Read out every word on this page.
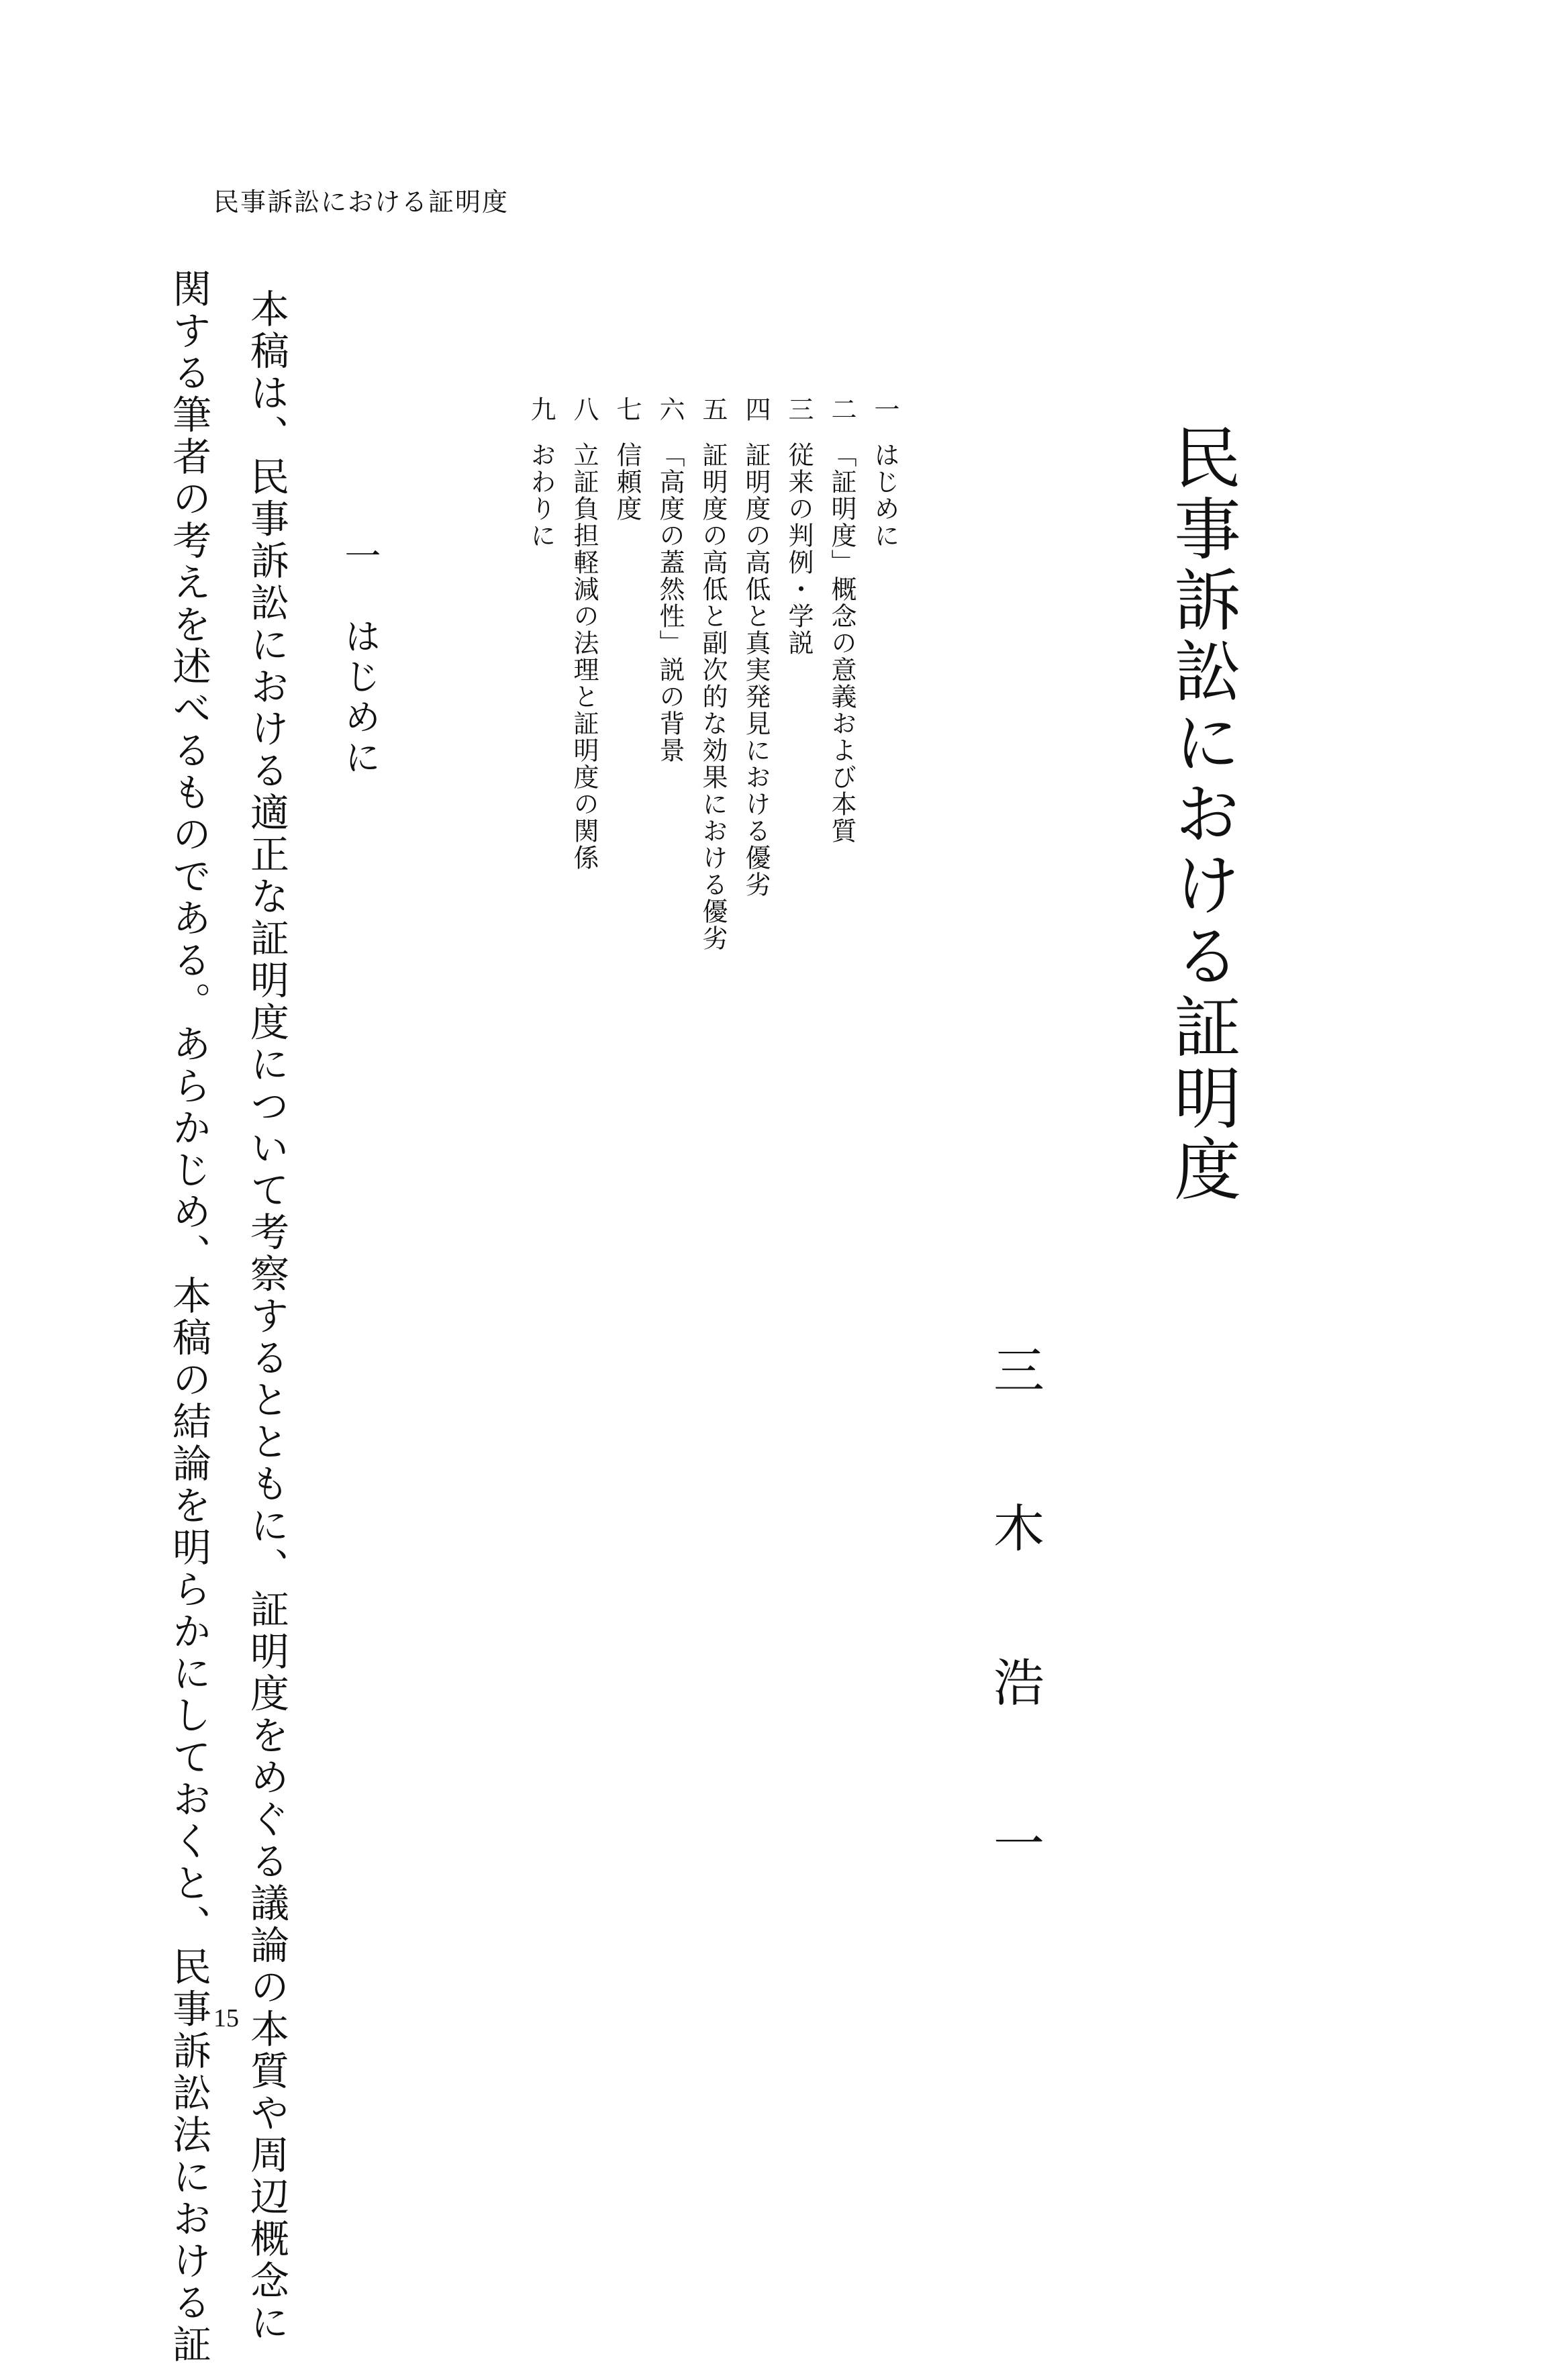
民事訴訟における証明度
民事訴訟における証明度
三
木
浩
一
一
はじめに
二
「証明度」概念の意義および本質
三
従来の判例・学説
四
証明度の高低と真実発見における優劣
五
証明度の高低と副次的な効果における優劣
六
「高度の蓋然性」説の背景
七
信頼度
八
立証負担軽減の法理と証明度の関係
九
おわりに
一はじめに
本稿は、民事訴訟における適正な証明度について考察するとともに、証明度をめぐる議論の本質や周辺概念に
関する筆者の考えを述べるものである。あらかじめ、本稿の結論を明らかにしておくと、民事訴訟法における証 15
